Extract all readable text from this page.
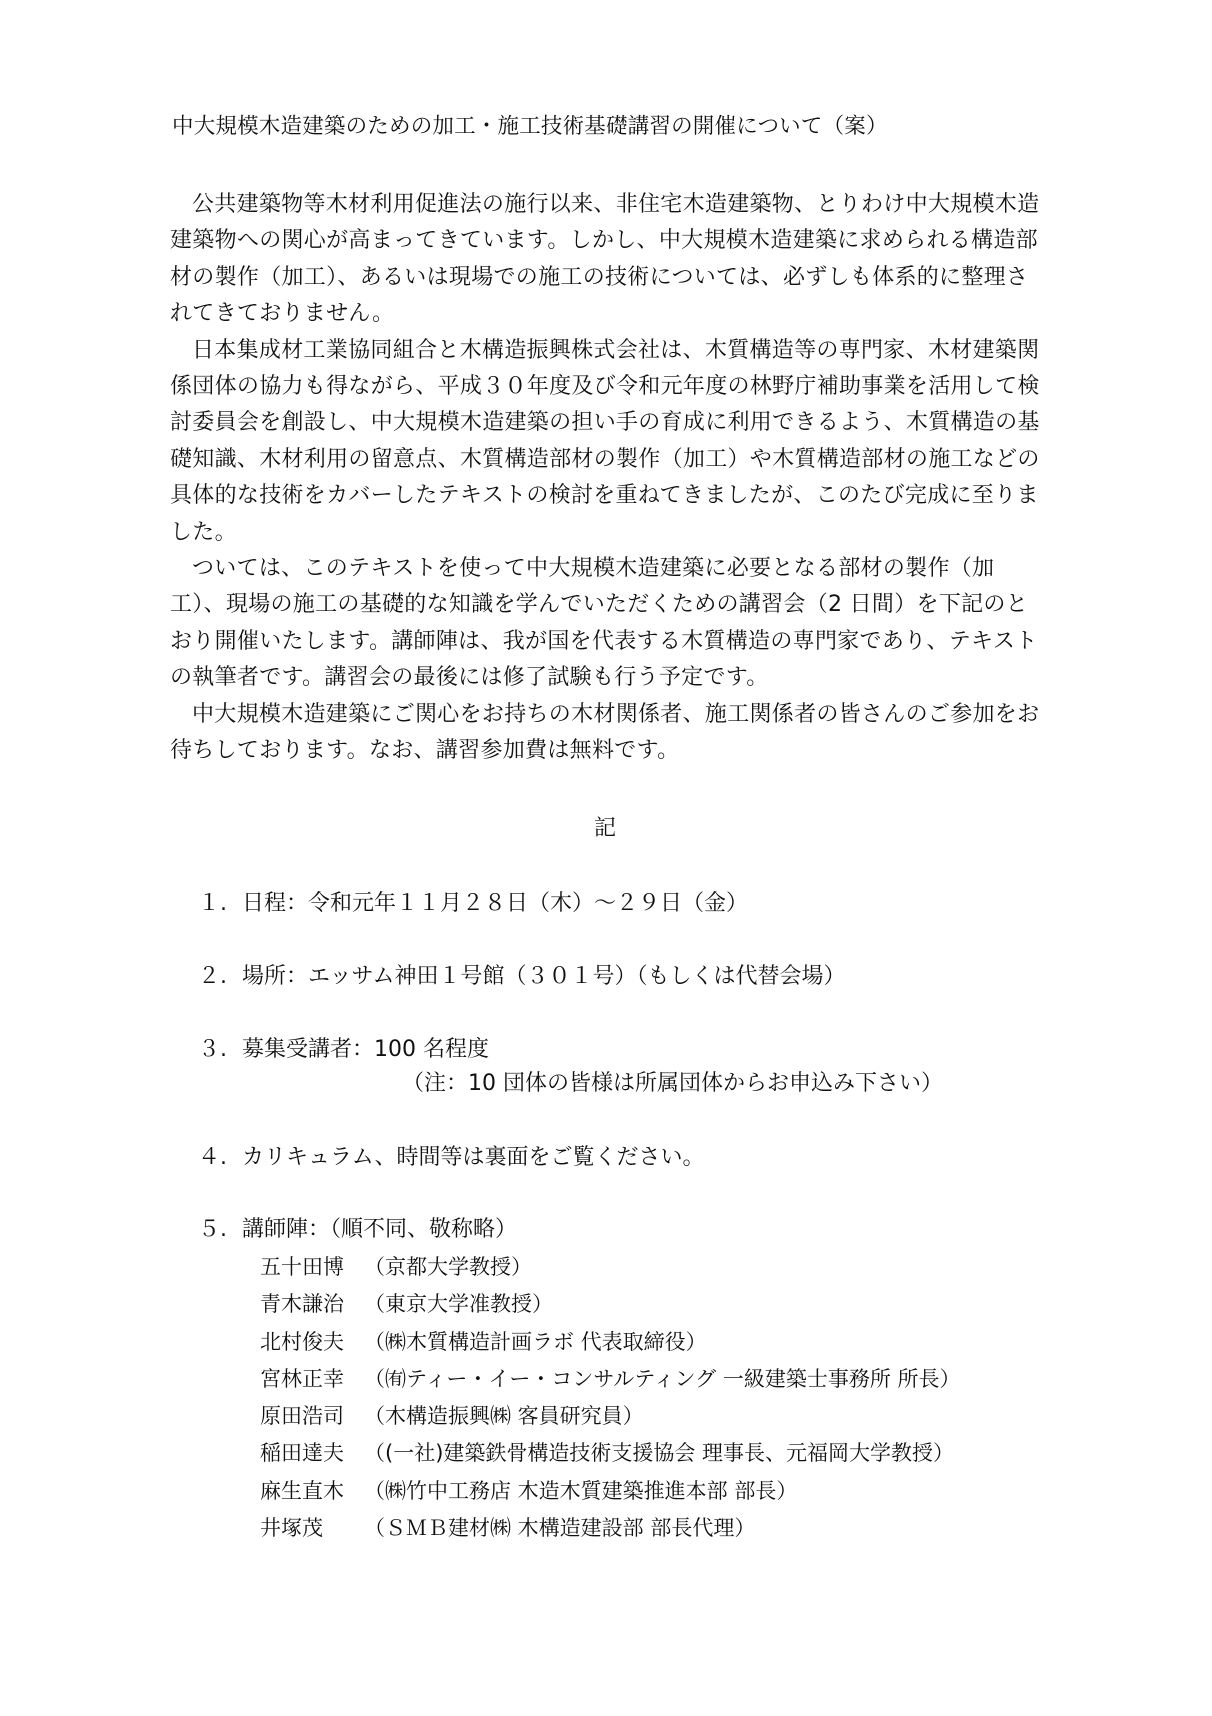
中大規模木造建築のための加工・施工技術基礎講習の開催について（案）

公共建築物等木材利用促進法の施行以来、非住宅木造建築物、とりわけ中大規模木造建築物への関心が高まってきています。しかし、中大規模木造建築に求められる構造部材の製作（加工）、あるいは現場での施工の技術については、必ずしも体系的に整理されてきておりません。

日本集成材工業協同組合と木構造振興株式会社は、木質構造等の専門家、木材建築関係団体の協力も得ながら、平成３０年度及び令和元年度の林野庁補助事業を活用して検討委員会を創設し、中大規模木造建築の担い手の育成に利用できるよう、木質構造の基礎知識、木材利用の留意点、木質構造部材の製作（加工）や木質構造部材の施工などの具体的な技術をカバーしたテキストの検討を重ねてきましたが、このたび完成に至りました。

ついては、このテキストを使って中大規模木造建築に必要となる部材の製作（加工）、現場の施工の基礎的な知識を学んでいただくための講習会（2 日間）を下記のとおり開催いたします。講師陣は、我が国を代表する木質構造の専門家であり、テキストの執筆者です。講習会の最後には修了試験も行う予定です。

中大規模木造建築にご関心をお持ちの木材関係者、施工関係者の皆さんのご参加をお待ちしております。なお、講習参加費は無料です。

記
１. 日程：令和元年１１月２８日（木）～２９日（金）
２. 場所：エッサム神田１号館（３０１号）（もしくは代替会場）
３. 募集受講者：100 名程度
（注：10 団体の皆様は所属団体からお申込み下さい）
４. カリキュラム、時間等は裏面をご覧ください。
５. 講師陣：（順不同、敬称略）
五十田博 （京都大学教授）
青木謙治 （東京大学准教授）
北村俊夫 （㈱木質構造計画ラボ 代表取締役）
宮林正幸 （㈲ティー・イー・コンサルティング 一級建築士事務所 所長）
原田浩司 （木構造振興㈱ 客員研究員）
稲田達夫 （(一社)建築鉄骨構造技術支援協会 理事長、元福岡大学教授）
麻生直木 （㈱竹中工務店 木造木質建築推進本部 部長）
井塚茂 （ＳＭＢ建材㈱ 木構造建設部 部長代理）
